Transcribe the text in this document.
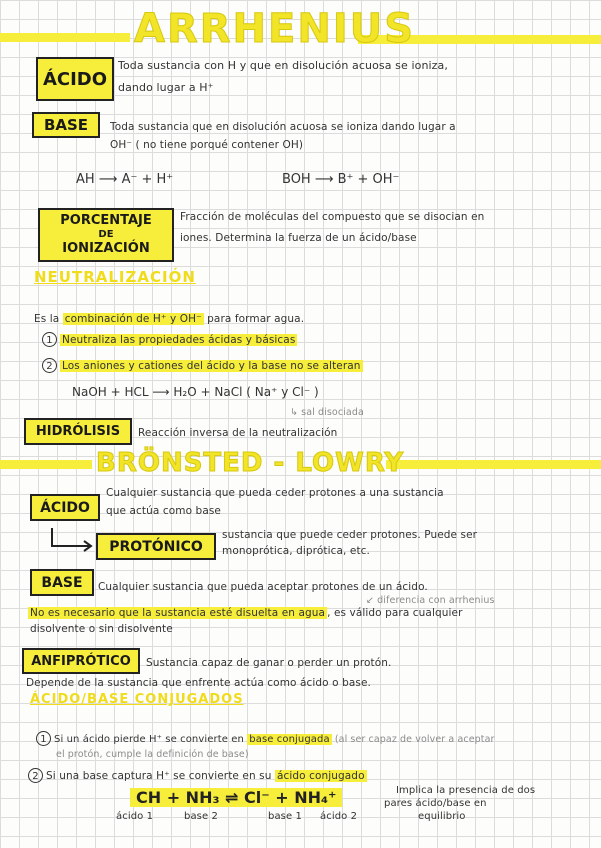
ARRHENIUS
ÁCIDO
Toda sustancia con H y que en disolución acuosa se ioniza,
dando lugar a H⁺
BASE	Toda sustancia que en disolución acuosa se ioniza dando lugar a
OH⁻ ( no tiene porqué contener OH)
AH ⟶ A⁻ + H⁺	BOH ⟶ B⁺ + OH⁻
PORCENTAJE
DE
IONIZACIÓN
Fracción de moléculas del compuesto que se disocian en
iones. Determina la fuerza de un ácido/base
NEUTRALIZACIÓN
Es la combinación de H⁺ y OH⁻ para formar agua.
1 Neutraliza las propiedades ácidas y básicas
2 Los aniones y cationes del ácido y la base no se alteran
NaOH + HCL ⟶ H₂O + NaCl ( Na⁺ y Cl⁻ )
↳ sal disociada
HIDRÓLISIS	Reacción inversa de la neutralización
BRÖNSTED - LOWRY
ÁCIDO
Cualquier sustancia que pueda ceder protones a una sustancia
que actúa como base
PROTÓNICO
sustancia que puede ceder protones. Puede ser
monoprótica, diprótica, etc.
BASE	Cualquier sustancia que pueda aceptar protones de un ácido.
↙ diferencia con arrhenius
No es necesario que la sustancia esté disuelta en agua , es válido para cualquier
disolvente o sin disolvente
ANFIPRÓTICO	Sustancia capaz de ganar o perder un protón.
Depende de la sustancia que enfrente actúa como ácido o base.
ÁCIDO/BASE CONJUGADOS
1 Si un ácido pierde H⁺ se convierte en base conjugada (al ser capaz de volver a aceptar
el protón, cumple la definición de base)
2 Si una base captura H⁺ se convierte en su ácido conjugado
CH + NH₃ ⇌ Cl⁻ + NH₄⁺
ácido 1	base 2	base 1 ácido 2
Implica la presencia de dos
pares ácido/base en
equilibrio
